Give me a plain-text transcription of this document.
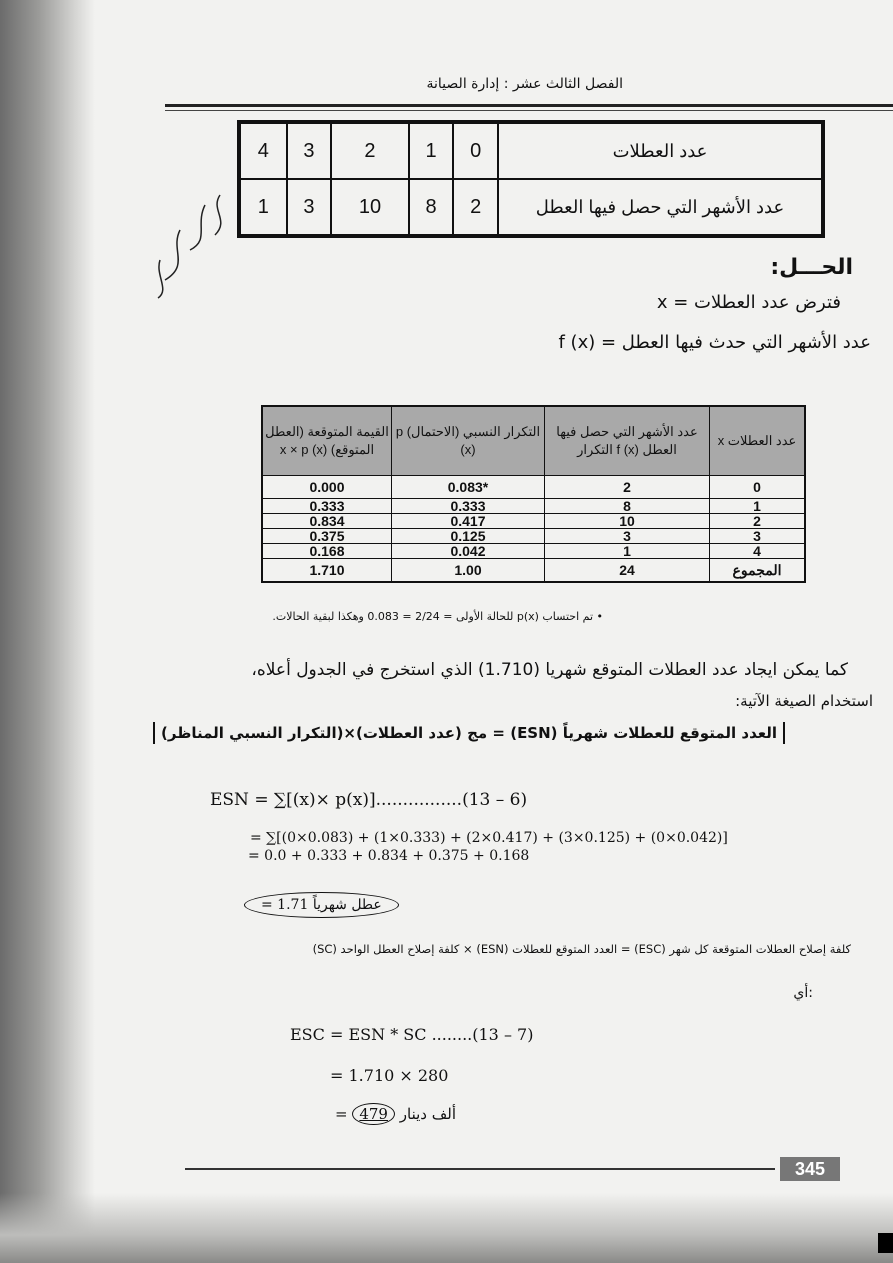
الفصل الثالث عشر : إدارة الصيانة
عدد العطلات	0	1	2	3	4
عدد الأشهر التي حصل فيها العطل	2	8	10	3	1
الحـــل:
فترض عدد العطلات = x
عدد الأشهر التي حدث فيها العطل = f (x)
عدد العطلات x	عدد الأشهر التي حصل فيها العطل f (x) التكرار	التكرار النسبي (الاحتمال) p (x)	القيمة المتوقعة (العطل المتوقع) x × p (x)
0	2	*0.083	0.000
1	8	0.333	0.333
2	10	0.417	0.834
3	3	0.125	0.375
4	1	0.042	0.168
المجموع	24	1.00	1.710
• تم احتساب p(x) للحالة الأولى = 2/24 = 0.083 وهكذا لبقية الحالات.
كما يمكن ايجاد عدد العطلات المتوقع شهريا (1.710) الذي استخرج في الجدول أعلاه،
استخدام الصيغة الآتية:
العدد المتوقع للعطلات شهرياً (ESN) = مج (عدد العطلات)×(التكرار النسبي المناظر)
ESN = ∑[(x)× p(x)]................(13 – 6)
= ∑[(0×0.083) + (1×0.333) + (2×0.417) + (3×0.125) + (0×0.042)]
= 0.0 + 0.333 + 0.834 + 0.375 + 0.168
= 1.71 عطل شهرياً
كلفة إصلاح العطلات المتوقعة كل شهر (ESC) = العدد المتوقع للعطلات (ESN) × كلفة إصلاح العطل الواحد (SC)
أي:
ESC = ESN * SC ........(13 – 7)
= 1.710 × 280
= 479 ألف دينار
345
